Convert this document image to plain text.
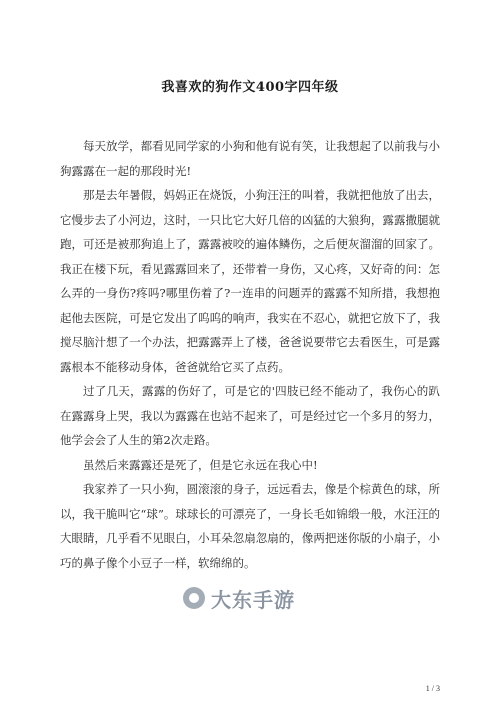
我喜欢的狗作文400字四年级

每天放学，都看见同学家的小狗和他有说有笑，让我想起了以前我与小狗露露在一起的那段时光!

那是去年暑假，妈妈正在烧饭，小狗汪汪的叫着，我就把他放了出去，它慢步去了小河边，这时，一只比它大好几倍的凶猛的大狼狗，露露撒腿就跑，可还是被那狗追上了，露露被咬的遍体鳞伤，之后便灰溜溜的回家了。我正在楼下玩，看见露露回来了，还带着一身伤，又心疼，又好奇的问：怎么弄的一身伤?疼吗?哪里伤着了?一连串的问题弄的露露不知所措，我想抱起他去医院，可是它发出了呜呜的响声，我实在不忍心，就把它放下了，我搅尽脑汁想了一个办法，把露露弄上了楼，爸爸说要带它去看医生，可是露露根本不能移动身体，爸爸就给它买了点药。

过了几天，露露的伤好了，可是它的'四肢已经不能动了，我伤心的趴在露露身上哭，我以为露露在也站不起来了，可是经过它一个多月的努力，他学会会了人生的第2次走路。

虽然后来露露还是死了，但是它永远在我心中!

我家养了一只小狗，圆滚滚的身子，远远看去，像是个棕黄色的球，所以，我干脆叫它“球”。球球长的可漂亮了，一身长毛如锦缎一般，水汪汪的大眼睛，几乎看不见眼白，小耳朵忽扇忽扇的，像两把迷你版的小扇子，小巧的鼻子像个小豆子一样，软绵绵的。

大东手游
1 / 3
